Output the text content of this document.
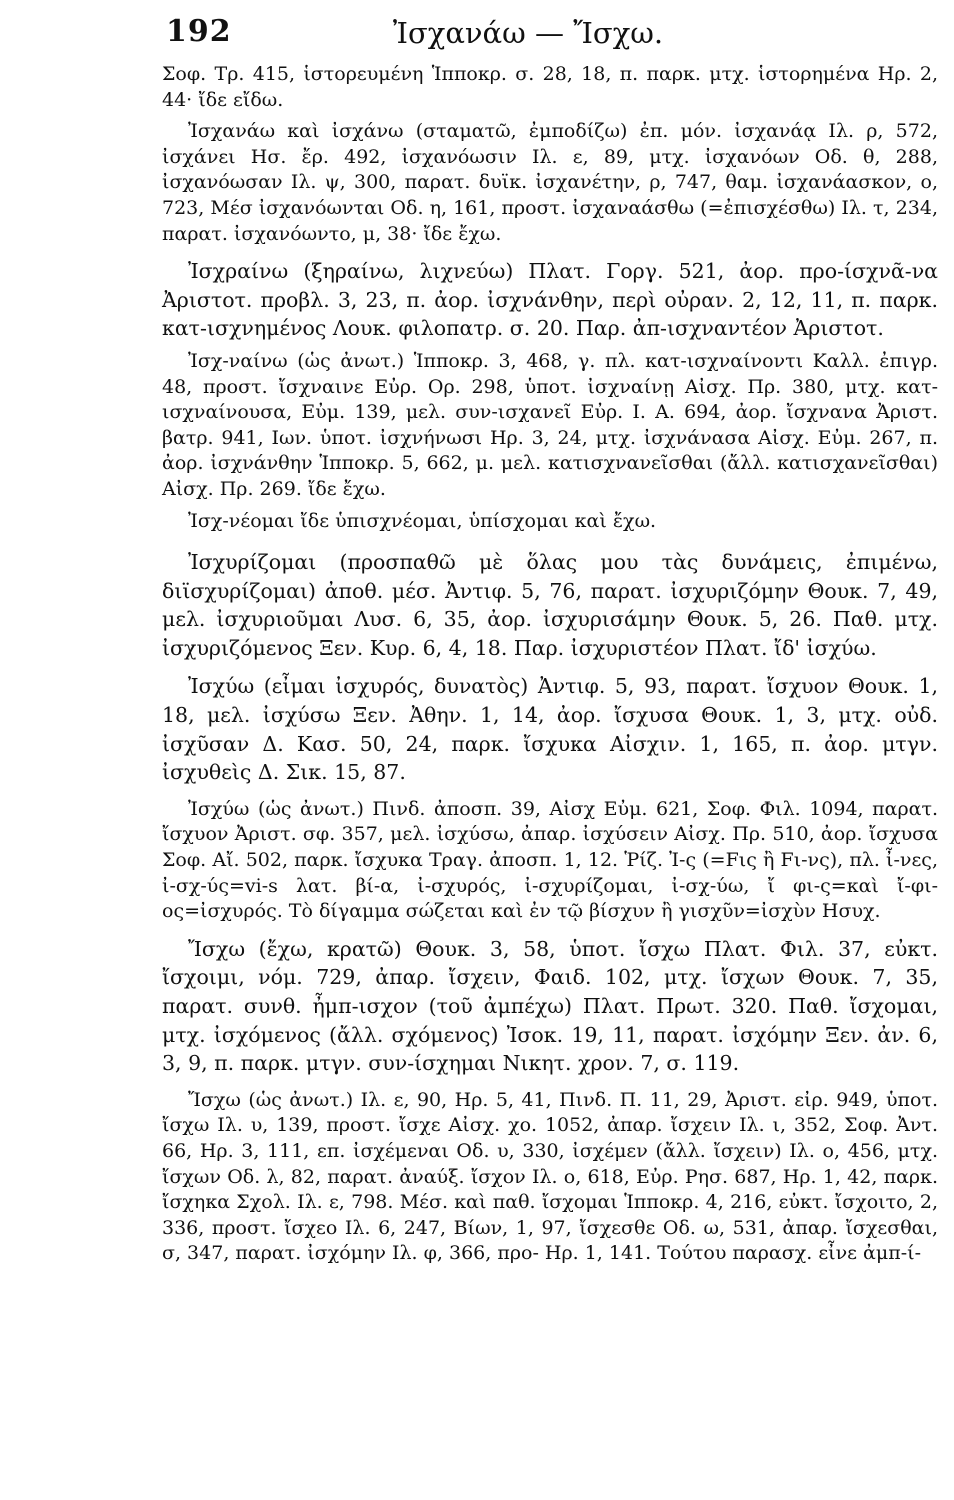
192	Ἰσχανάω — Ἴσχω.

Σοφ. Τρ. 415, ἱστορευμένη Ἱπποκρ. σ. 28, 18, π. παρκ. μτχ. ἱστορημένα Ηρ. 2, 44· ἴδε εἴδω.

Ἰσχανάω καὶ ἰσχάνω (σταματῶ, ἐμποδίζω) ἐπ. μόν. ἰσχανάᾳ Ιλ. ρ, 572, ἰσχάνει Ησ. ἔρ. 492, ἰσχανόωσιν Ιλ. ε, 89, μτχ. ἰσχανόων Οδ. θ, 288, ἰσχανόωσαν Ιλ. ψ, 300, παρατ. δυϊκ. ἰσχανέτην, ρ, 747, θαμ. ἰσχανάασκον, ο, 723, Μέσ ἰσχανόωνται Οδ. η, 161, προστ. ἰσχαναάσθω (=ἐπισχέσθω) Ιλ. τ, 234, παρατ. ἰσχανόωντο, μ, 38· ἴδε ἔχω.

Ἰσχραίνω (ξηραίνω, λιχνεύω) Πλατ. Γοργ. 521, ἀορ. προ-ίσχνᾶ-να Ἀριστοτ. προβλ. 3, 23, π. ἀορ. ἰσχνάνθην, περὶ οὐραν. 2, 12, 11, π. παρκ. κατ-ισχνημένος Λουκ. φιλοπατρ. σ. 20. Παρ. ἀπ-ισχναντέον Ἀριστοτ.

Ἰσχ-ναίνω (ὡς ἀνωτ.) Ἱπποκρ. 3, 468, γ. πλ. κατ-ισχναίνοντι Καλλ. ἐπιγρ. 48, προστ. ἴσχναινε Εὐρ. Ορ. 298, ὑποτ. ἰσχναίνῃ Αἰσχ. Πρ. 380, μτχ. κατ-ισχναίνουσα, Εὐμ. 139, μελ. συν-ισχανεῖ Εὐρ. Ι. Α. 694, ἀορ. ἴσχνανα Ἀριστ. βατρ. 941, Ιων. ὑποτ. ἰσχνήνωσι Ηρ. 3, 24, μτχ. ἰσχνάνασα Αἰσχ. Εὐμ. 267, π. ἀορ. ἰσχνάνθην Ἱπποκρ. 5, 662, μ. μελ. κατισχνανεῖσθαι (ἄλλ. κατισχανεῖσθαι) Αἰσχ. Πρ. 269. ἴδε ἔχω.

Ἰσχ-νέομαι ἴδε ὑπισχνέομαι, ὑπίσχομαι καὶ ἔχω.

Ἰσχυρίζομαι (προσπαθῶ μὲ ὅλας μου τὰς δυνάμεις, ἐπιμένω, διϊσχυρίζομαι) ἀποθ. μέσ. Ἀντιφ. 5, 76, παρατ. ἰσχυριζόμην Θουκ. 7, 49, μελ. ἰσχυριοῦμαι Λυσ. 6, 35, ἀορ. ἰσχυρισάμην Θουκ. 5, 26. Παθ. μτχ. ἰσχυριζόμενος Ξεν. Κυρ. 6, 4, 18. Παρ. ἰσχυριστέον Πλατ. ἴδ' ἰσχύω.

Ἰσχύω (εἶμαι ἰσχυρός, δυνατὸς) Ἀντιφ. 5, 93, παρατ. ἴσχυον Θουκ. 1, 18, μελ. ἰσχύσω Ξεν. Ἀθην. 1, 14, ἀορ. ἴσχυσα Θουκ. 1, 3, μτχ. οὐδ. ἰσχῦσαν Δ. Κασ. 50, 24, παρκ. ἴσχυκα Αἰσχιν. 1, 165, π. ἀορ. μτγν. ἰσχυθεὶς Δ. Σικ. 15, 87.

Ἰσχύω (ὡς ἀνωτ.) Πινδ. ἀποσπ. 39, Αἰσχ Εὐμ. 621, Σοφ. Φιλ. 1094, παρατ. ἴσχυον Ἀριστ. σφ. 357, μελ. ἰσχύσω, ἀπαρ. ἰσχύσειν Αἰσχ. Πρ. 510, ἀορ. ἴσχυσα Σοφ. Αἴ. 502, παρκ. ἴσχυκα Τραγ. ἀποσπ. 1, 12. Ῥίζ. Ἰ-ς (=Fις ἢ Fι-νς), πλ. ἶ-νες, ἰ-σχ-ύς=vi-s λατ. βί-α, ἰ-σχυρός, ἰ-σχυρίζομαι, ἰ-σχ-ύω, ἴ φι-ς=καὶ ἴ-φι-ος=ἰσχυρός. Τὸ δίγαμμα σώζεται καὶ ἐν τῷ βίσχυν ἢ γισχῦν=ἰσχὺν Ησυχ.

Ἴσχω (ἔχω, κρατῶ) Θουκ. 3, 58, ὑποτ. ἴσχω Πλατ. Φιλ. 37, εὐκτ. ἴσχοιμι, νόμ. 729, ἀπαρ. ἴσχειν, Φαιδ. 102, μτχ. ἴσχων Θουκ. 7, 35, παρατ. συνθ. ἦμπ-ισχον (τοῦ ἀμπέχω) Πλατ. Πρωτ. 320. Παθ. ἴσχομαι, μτχ. ἰσχόμενος (ἄλλ. σχόμενος) Ἰσοκ. 19, 11, παρατ. ἰσχόμην Ξεν. ἀν. 6, 3, 9, π. παρκ. μτγν. συν-ίσχημαι Νικητ. χρον. 7, σ. 119.

Ἴσχω (ὡς ἀνωτ.) Ιλ. ε, 90, Ηρ. 5, 41, Πινδ. Π. 11, 29, Ἀριστ. εἰρ. 949, ὑποτ. ἴσχω Ιλ. υ, 139, προστ. ἴσχε Αἰσχ. χο. 1052, ἀπαρ. ἴσχειν Ιλ. ι, 352, Σοφ. Ἀντ. 66, Ηρ. 3, 111, επ. ἰσχέμεναι Οδ. υ, 330, ἰσχέμεν (ἄλλ. ἴσχειν) Ιλ. ο, 456, μτχ. ἴσχων Οδ. λ, 82, παρατ. ἀναύξ. ἴσχον Ιλ. ο, 618, Εὐρ. Ρησ. 687, Ηρ. 1, 42, παρκ. ἴσχηκα Σχολ. Ιλ. ε, 798. Μέσ. καὶ παθ. ἴσχομαι Ἱπποκρ. 4, 216, εὐκτ. ἴσχοιτο, 2, 336, προστ. ἴσχεο Ιλ. 6, 247, Βίων, 1, 97, ἴσχεσθε Οδ. ω, 531, ἀπαρ. ἴσχεσθαι, σ, 347, παρατ. ἰσχόμην Ιλ. φ, 366, προ- Ηρ. 1, 141. Τούτου παρασχ. εἶνε ἀμπ-ί-
